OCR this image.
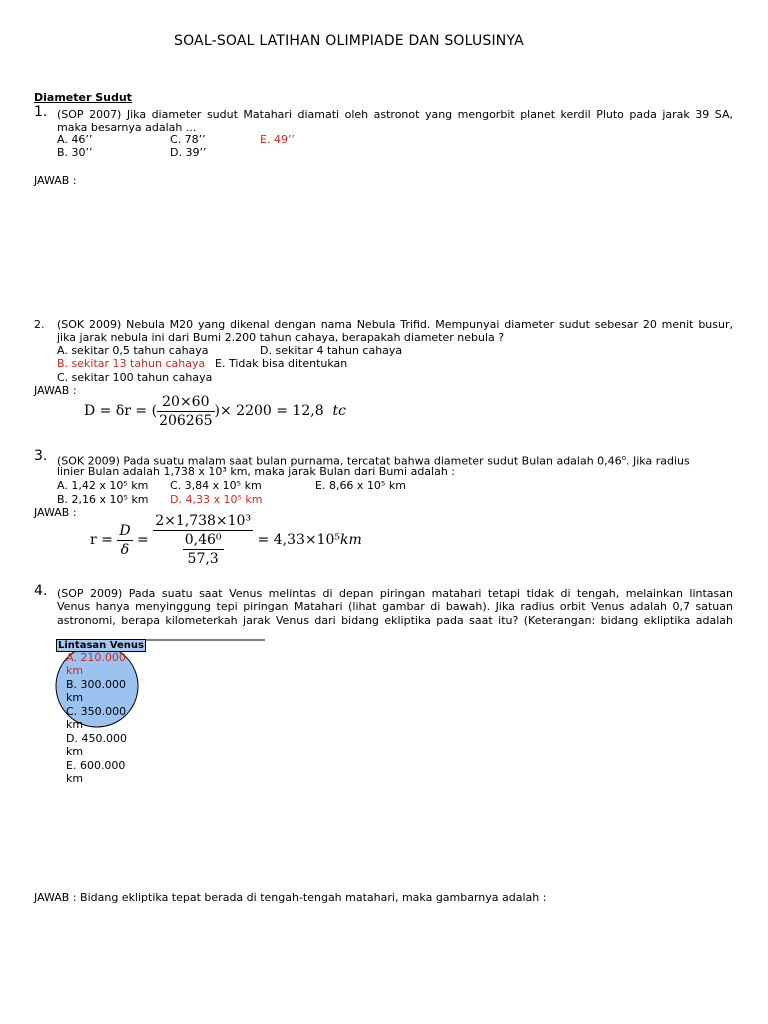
SOAL-SOAL LATIHAN OLIMPIADE DAN SOLUSINYA
Diameter Sudut
1. (SOP 2007) Jika diameter sudut Matahari diamati oleh astronot yang mengorbit planet kerdil Pluto pada jarak 39 SA,
maka besarnya adalah ...
A. 46’’	C. 78’’	E. 49’’
B. 30’’	D. 39’’
JAWAB :
2. (SOK 2009) Nebula M20 yang dikenal dengan nama Nebula Trifid. Mempunyai diameter sudut sebesar 20 menit busur,
jika jarak nebula ini dari Bumi 2.200 tahun cahaya, berapakah diameter nebula ?
A. sekitar 0,5 tahun cahaya	D. sekitar 4 tahun cahaya
B. sekitar 13 tahun cahaya E. Tidak bisa ditentukan
C. sekitar 100 tahun cahaya
JAWAB :
D = δr = ( $\frac{20\times 60}{206265}$ )× 2200 = 12,8 tc
3. (SOK 2009) Pada suatu malam saat bulan purnama, tercatat bahwa diameter sudut Bulan adalah 0,46$^o$. Jika radius
linier Bulan adalah 1,738 x 10³ km, maka jarak Bulan dari Bumi adalah :
A. 1,42 x 10⁵ km C. 3,84 x 10⁵ km	E. 8,66 x 10⁵ km
B. 2,16 x 10⁵ km D. 4,33 x 10⁵ km
JAWAB :
$r = \frac{D}{\delta} = \frac{\text{2×1,738×10³}}{\frac{\text{0,46⁰}}{57,3}} = 4,33\times 10^5km$
4. (SOP 2009) Pada suatu saat Venus melintas di depan piringan matahari tetapi tidak di tengah, melainkan lintasan
Venus hanya menyinggung tepi piringan Matahari (lihat gambar di bawah). Jika radius orbit Venus adalah 0,7 satuan
astronomi, berapa kilometerkah jarak Venus dari bidang ekliptika pada saat itu? (Keterangan: bidang ekliptika adalah
Lintasan Venus
A. 210.000
km
B. 300.000
km
C. 350.000
km
D. 450.000
km
E. 600.000
km
JAWAB : Bidang ekliptika tepat berada di tengah-tengah matahari, maka gambarnya adalah :
